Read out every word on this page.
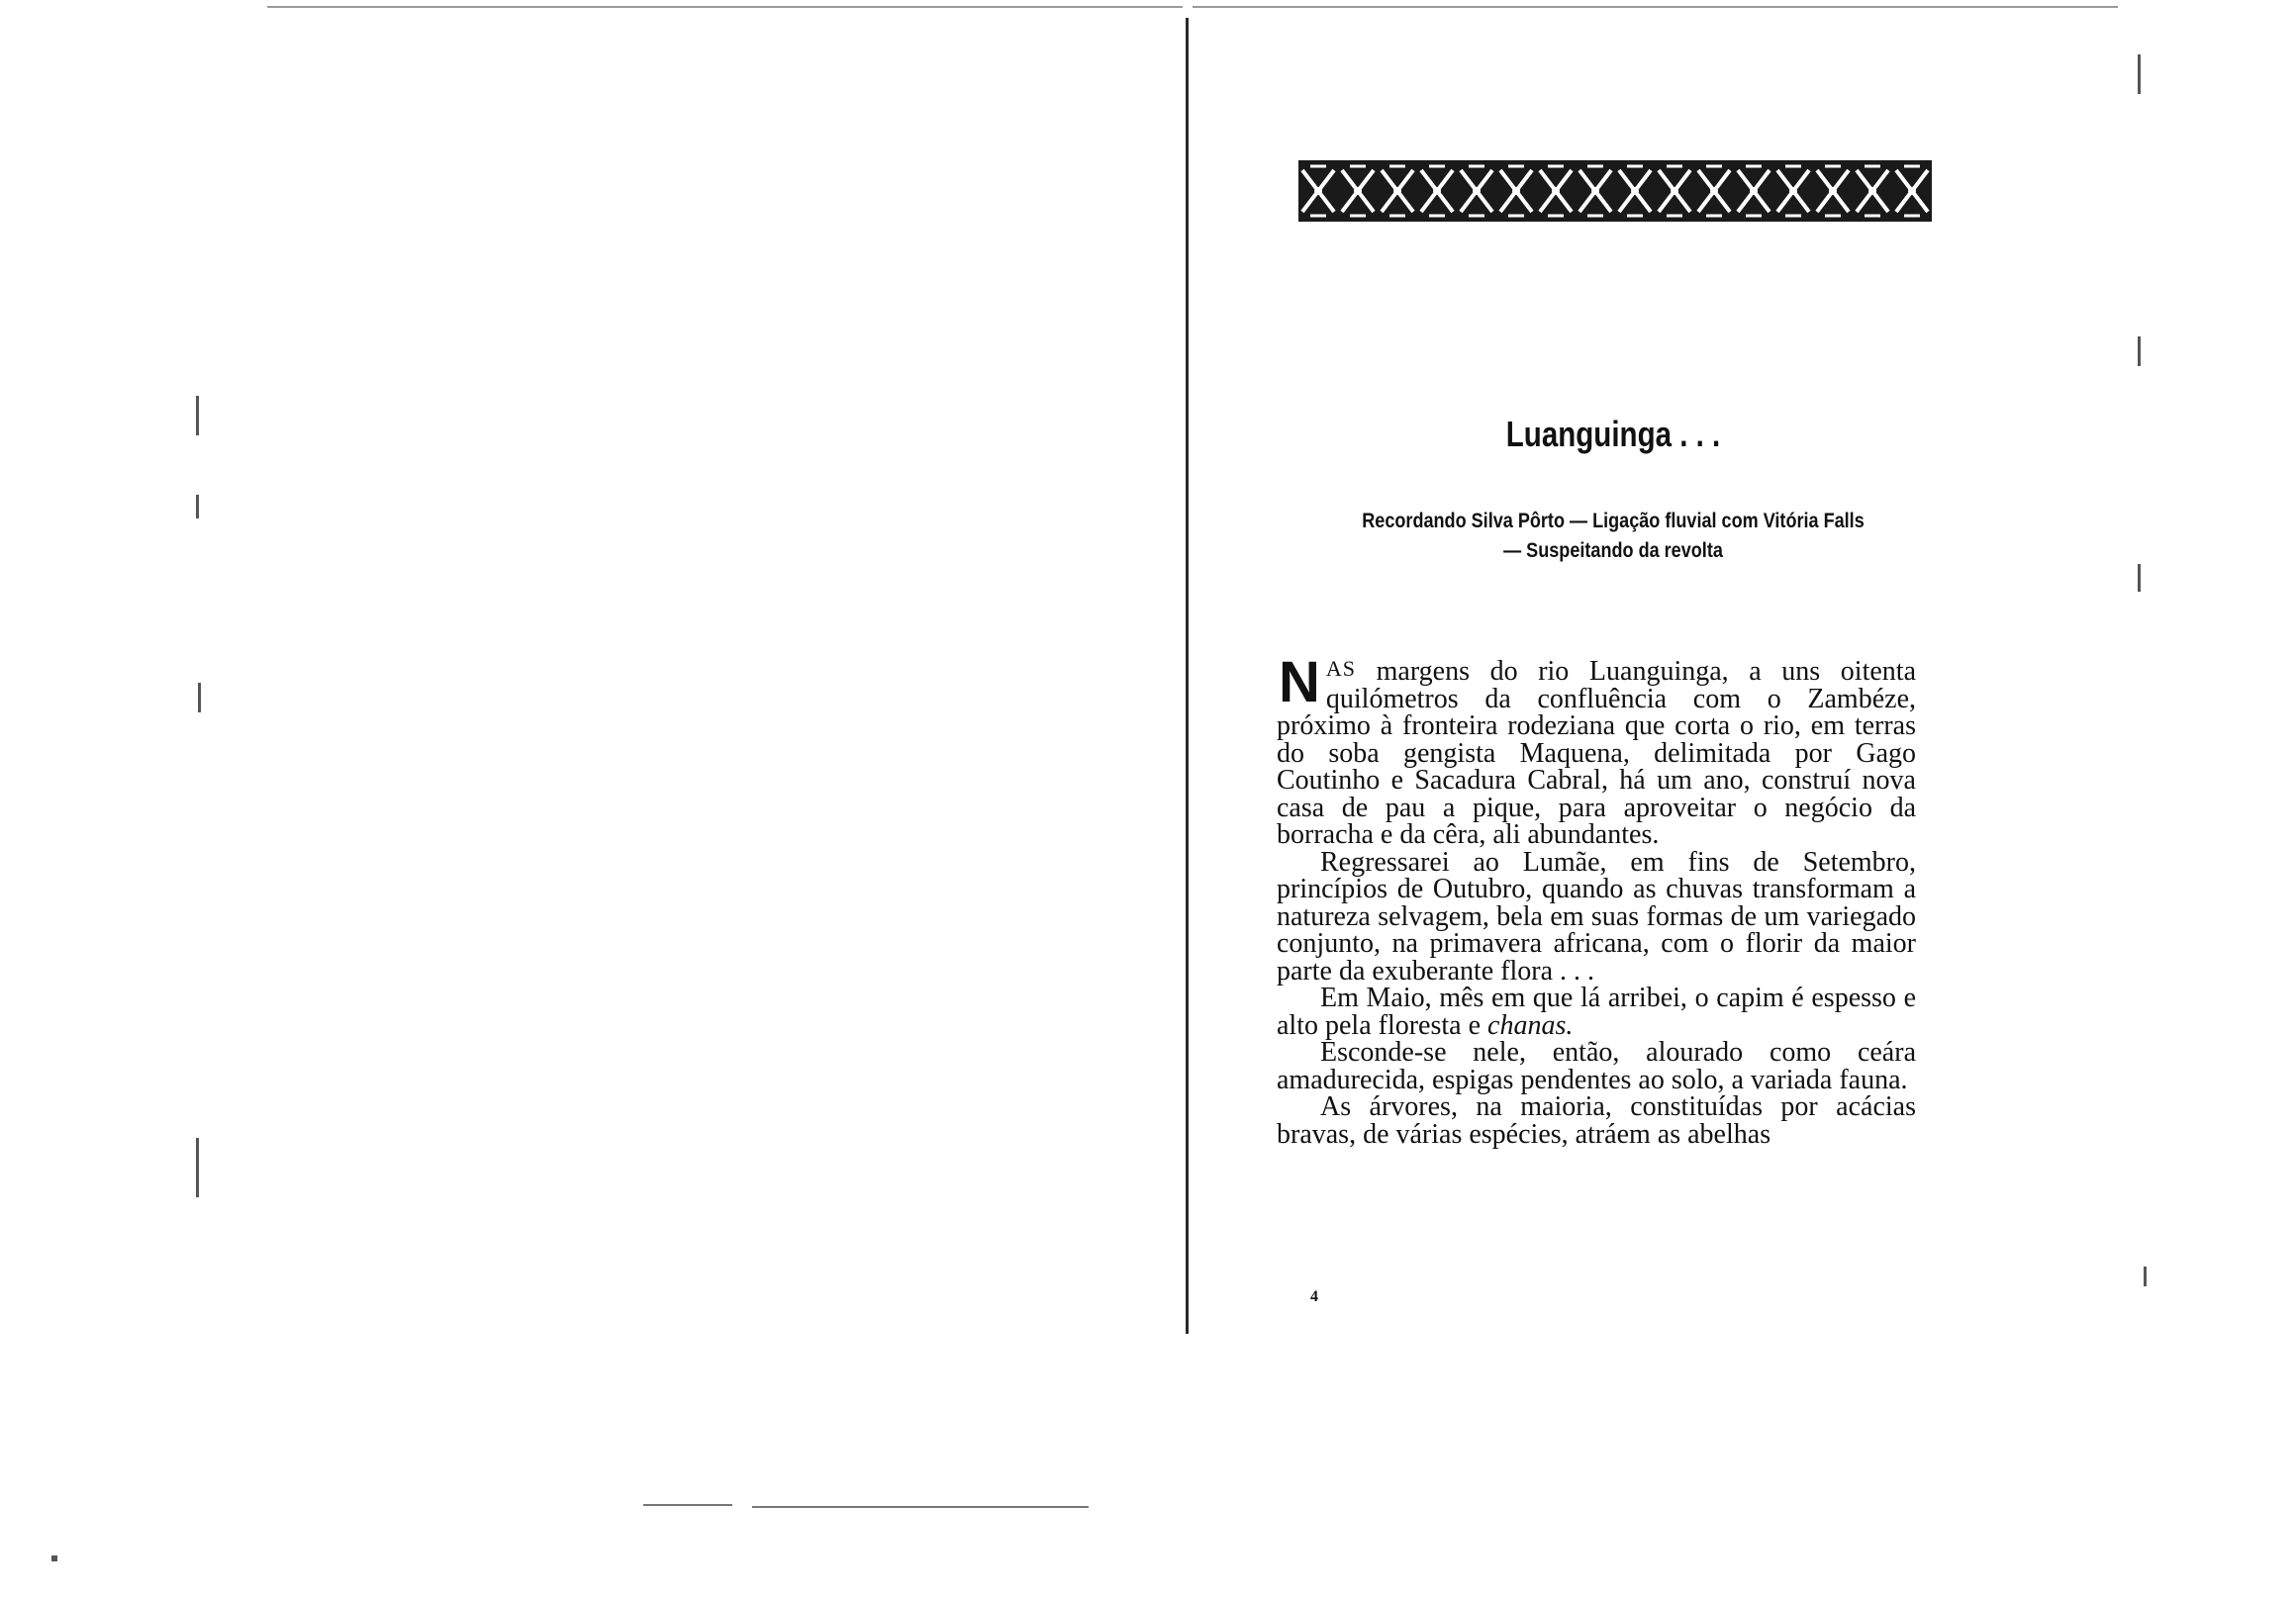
Luanguinga . . .
Recordando Silva Pôrto — Ligação fluvial com Vitória Falls
— Suspeitando da revolta

NAS margens do rio Luanguinga, a uns oitenta quilómetros da confluência com o Zambéze, próximo à fronteira rodeziana que corta o rio, em terras do soba gengista Maquena, delimitada por Gago Coutinho e Sacadura Cabral, há um ano, construí nova casa de pau a pique, para aproveitar o negócio da borracha e da cêra, ali abundantes.

Regressarei ao Lumãe, em fins de Setembro, princípios de Outubro, quando as chuvas transformam a natureza selvagem, bela em suas formas de um variegado conjunto, na primavera africana, com o florir da maior parte da exuberante flora . . .

Em Maio, mês em que lá arribei, o capim é espesso e alto pela floresta e chanas.

Esconde-se nele, então, alourado como ceára amadurecida, espigas pendentes ao solo, a variada fauna.

As árvores, na maioria, constituídas por acácias bravas, de várias espécies, atráem as abelhas

4
